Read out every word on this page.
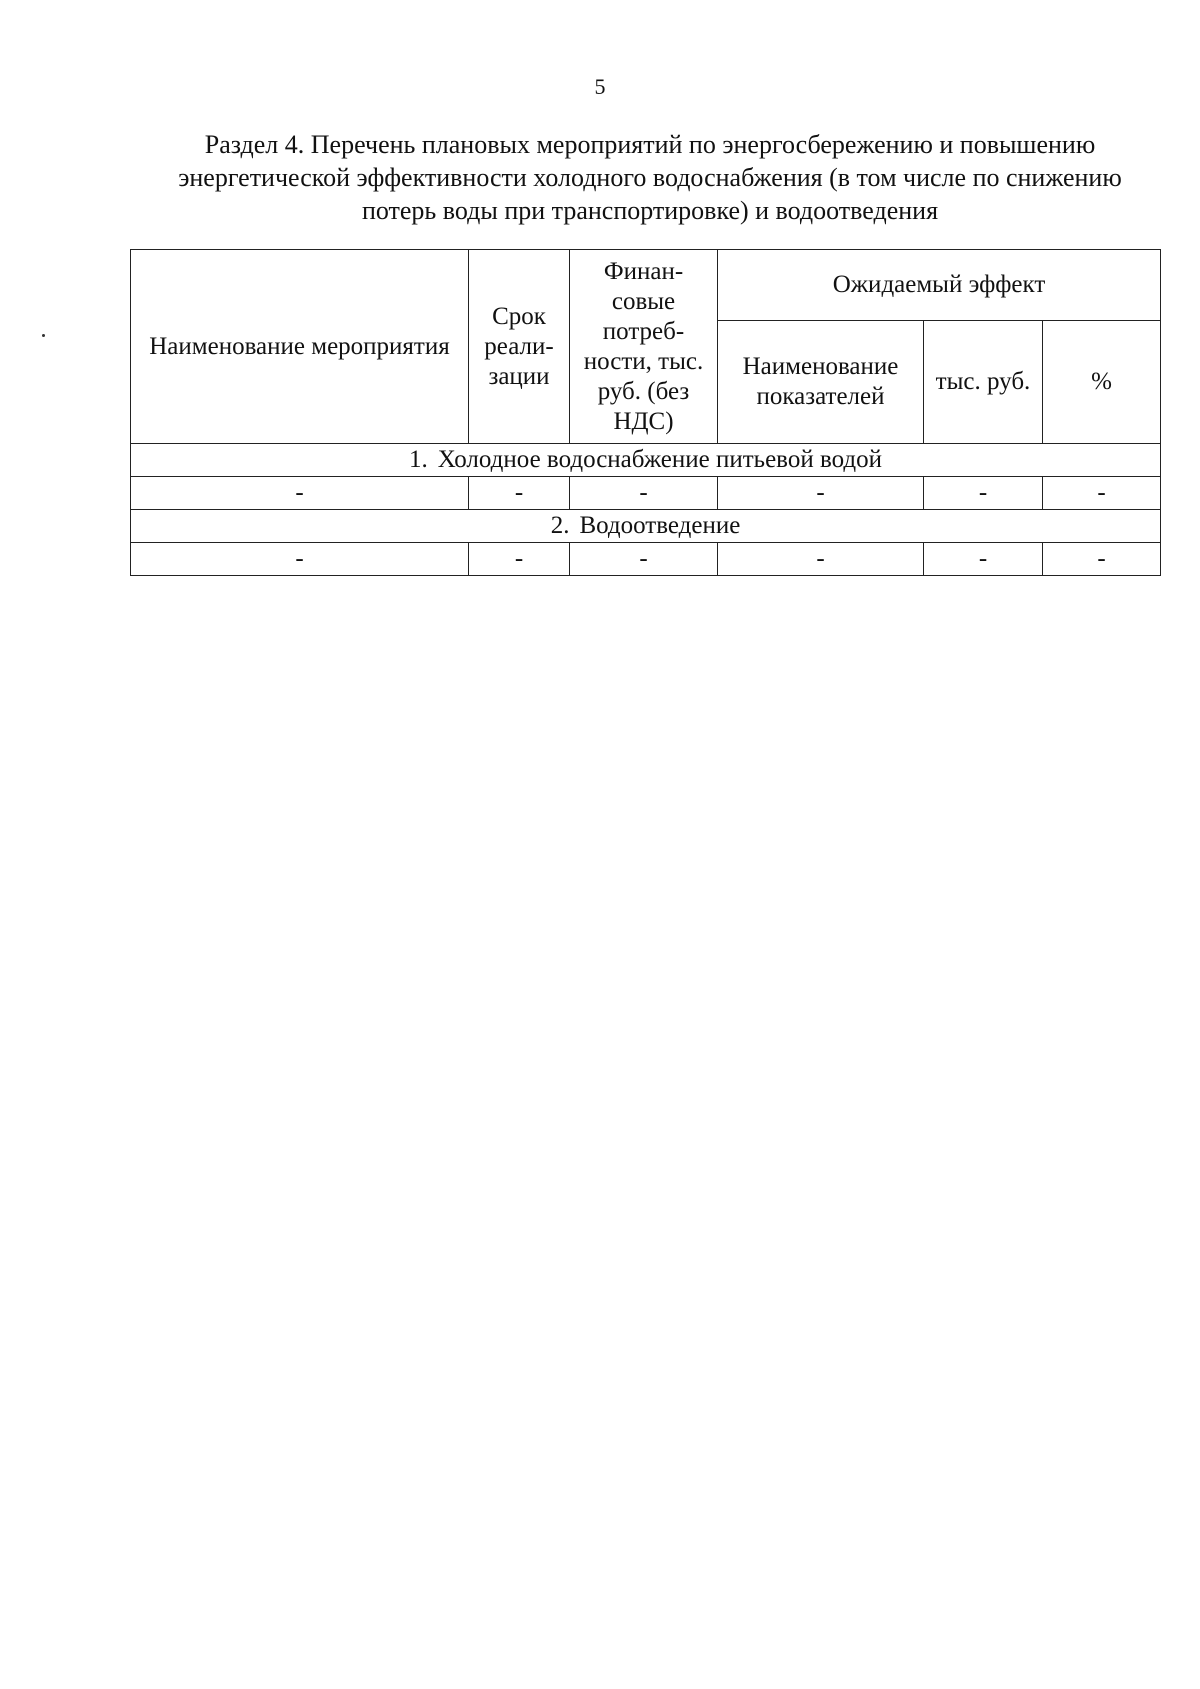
5
Раздел 4. Перечень плановых мероприятий по энергосбережению и повышению энергетической эффективности холодного водоснабжения (в том числе по снижению потерь воды при транспортировке) и водоотведения
Наименование мероприятия	Срок реали- зации	Финан- совые потреб- ности, тыс. руб. (без НДС)	Ожидаемый эффект		
			Наименование показателей	тыс. руб.	%
1. Холодное водоснабжение питьевой водой					
-	-	-	-	-	-
2. Водоотведение					
-	-	-	-	-	-
